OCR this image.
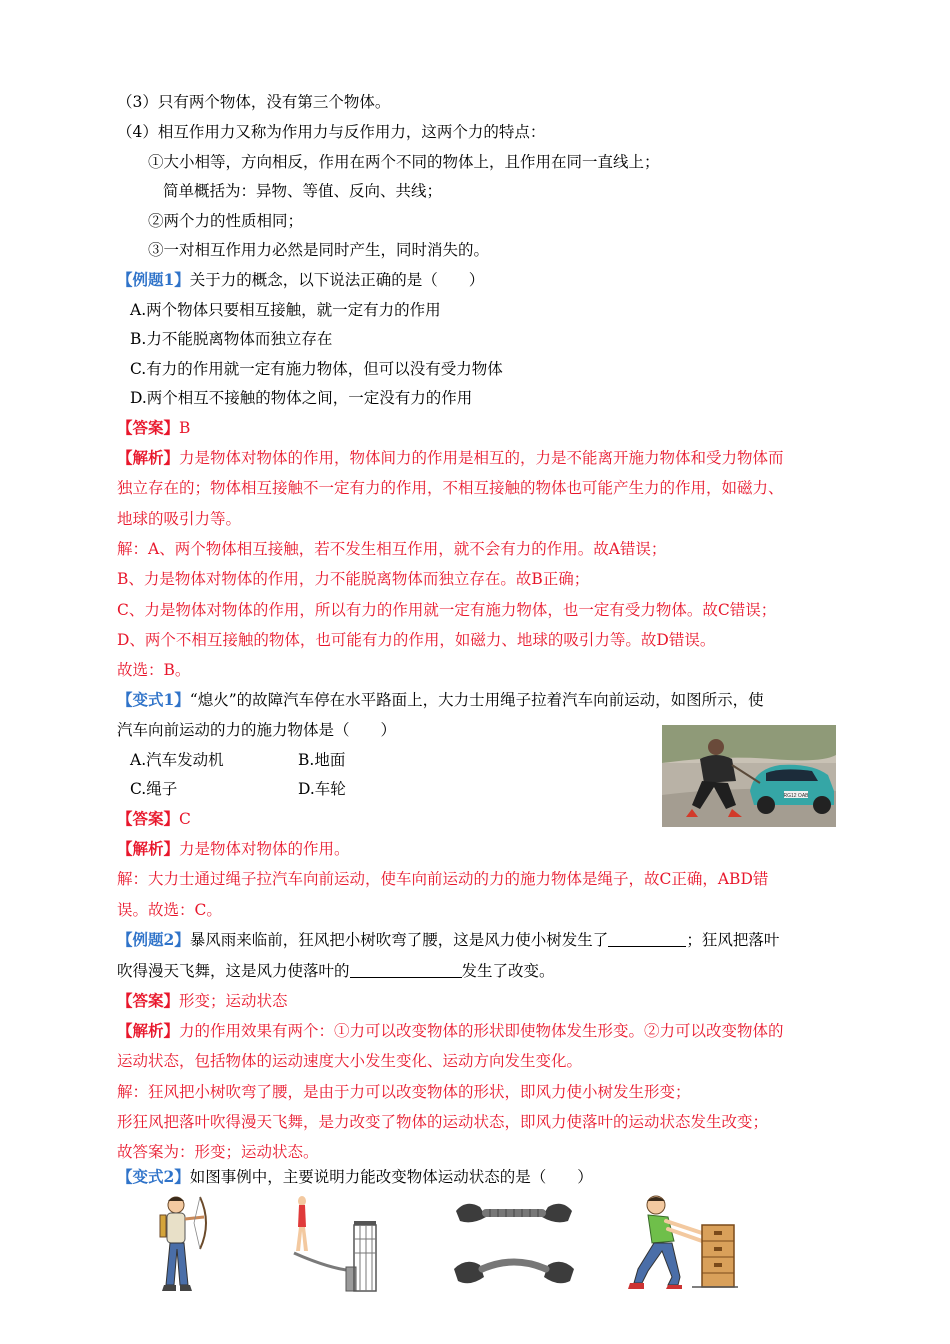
（3）只有两个物体，没有第三个物体。
（4）相互作用力又称为作用力与反作用力，这两个力的特点：
①大小相等，方向相反，作用在两个不同的物体上，且作用在同一直线上；
简单概括为：异物、等值、反向、共线；
②两个力的性质相同；
③一对相互作用力必然是同时产生，同时消失的。
【例题1】关于力的概念，以下说法正确的是（　　）
A.两个物体只要相互接触，就一定有力的作用
B.力不能脱离物体而独立存在
C.有力的作用就一定有施力物体，但可以没有受力物体
D.两个相互不接触的物体之间，一定没有力的作用
【答案】B
【解析】力是物体对物体的作用，物体间力的作用是相互的，力是不能离开施力物体和受力物体而
独立存在的；物体相互接触不一定有力的作用，不相互接触的物体也可能产生力的作用，如磁力、
地球的吸引力等。
解：A、两个物体相互接触，若不发生相互作用，就不会有力的作用。故A错误；
B、力是物体对物体的作用，力不能脱离物体而独立存在。故B正确；
C、力是物体对物体的作用，所以有力的作用就一定有施力物体，也一定有受力物体。故C错误；
D、两个不相互接触的物体，也可能有力的作用，如磁力、地球的吸引力等。故D错误。
故选：B。
【变式1】“熄火”的故障汽车停在水平路面上，大力士用绳子拉着汽车向前运动，如图所示，使
汽车向前运动的力的施力物体是（　　）
A.汽车发动机	B.地面
C.绳子	D.车轮	RG12 OAB
【答案】C
【解析】力是物体对物体的作用。
解：大力士通过绳子拉汽车向前运动，使车向前运动的力的施力物体是绳子，故C正确，ABD错
误。故选：C。
【例题2】暴风雨来临前，狂风把小树吹弯了腰，这是风力使小树发生了	；狂风把落叶
吹得漫天飞舞，这是风力使落叶的	发生了改变。
【答案】形变；运动状态
【解析】力的作用效果有两个：①力可以改变物体的形状即使物体发生形变。②力可以改变物体的
运动状态，包括物体的运动速度大小发生变化、运动方向发生变化。
解：狂风把小树吹弯了腰，是由于力可以改变物体的形状，即风力使小树发生形变；
形狂风把落叶吹得漫天飞舞，是力改变了物体的运动状态，即风力使落叶的运动状态发生改变；
故答案为：形变；运动状态。
【变式2】如图事例中，主要说明力能改变物体运动状态的是（　　）
